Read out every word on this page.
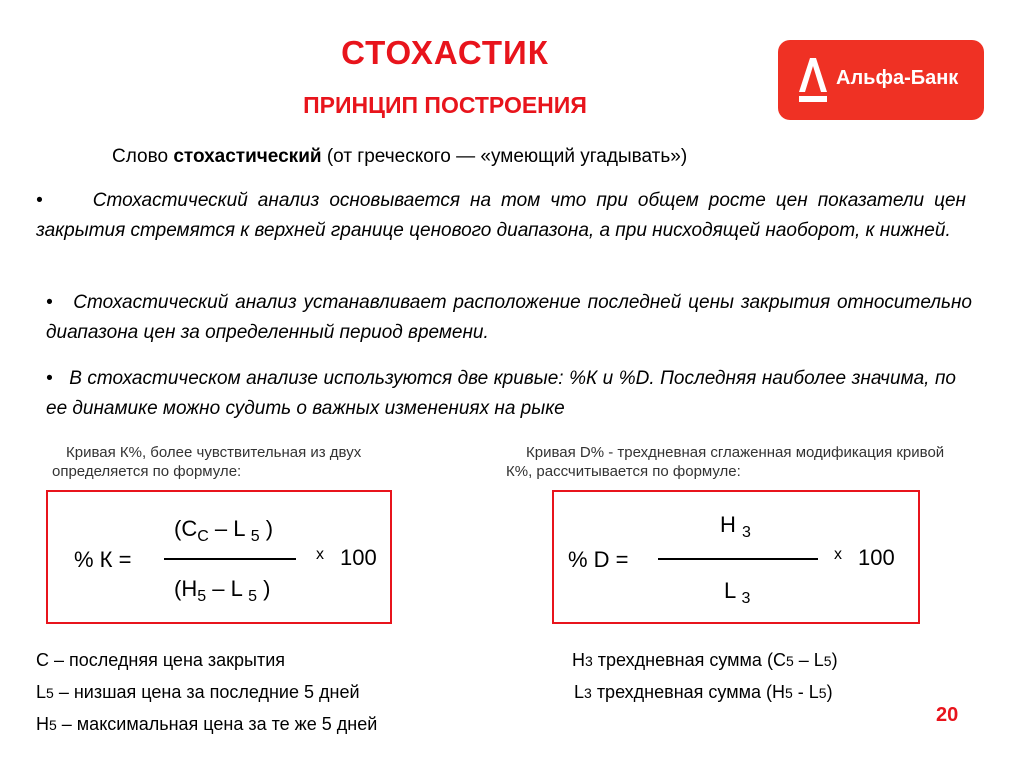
СТОХАСТИК
ПРИНЦИП ПОСТРОЕНИЯ
Альфа-Банк
Слово стохастический (от греческого — «умеющий угадывать»)
•	Стохастический анализ основывается на том что при общем росте цен показатели цен закрытия стремятся к верхней границе ценового диапазона, а при нисходящей наоборот, к нижней.
• Стохастический анализ устанавливает расположение последней цены закрытия относительно диапазона цен за определенный период времени.
• В стохастическом анализе используются две кривые: %К и %D. Последняя наиболее значима, по ее динамике можно судить о важных изменениях на рыке
Кривая К%, более чувствительная из двух определяется по формуле:
Кривая D% - трехдневная сглаженная модификация кривой К%, рассчитывается по формуле:
% К =
($С_С$ – L $_5$ )
($H_5$ – L $_5$ )
х 100	% D =
H $_3$
L $_3$
х 100
С – последняя цена закрытия
L5 – низшая цена за последние 5 дней
H5 – максимальная цена за те же 5 дней
H3 трехдневная сумма (С5 – L5)
L3 трехдневная сумма (H5 - L5)
20
